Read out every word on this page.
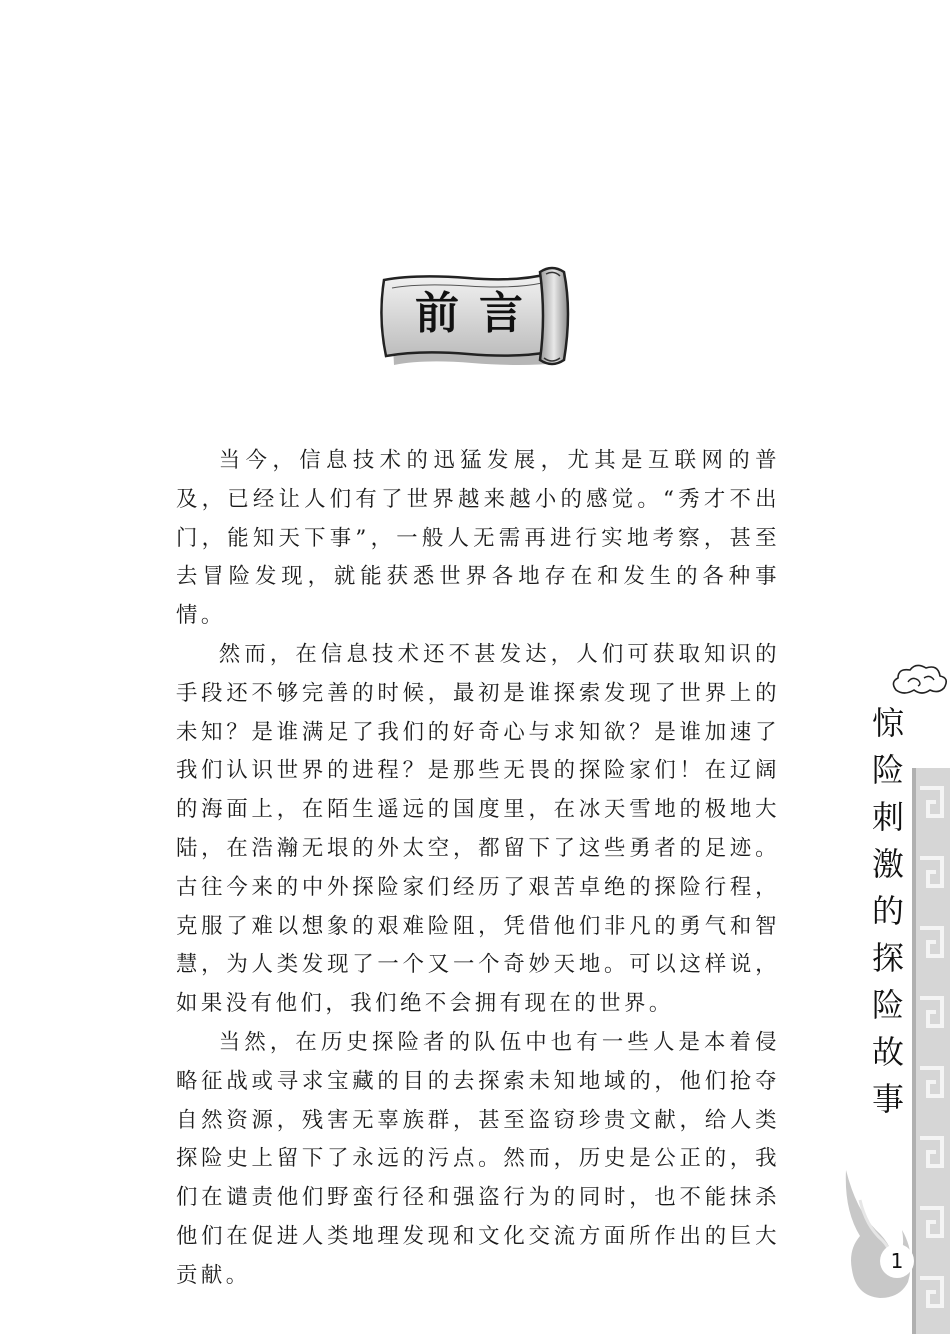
前言

当今，信息技术的迅猛发展，尤其是互联网的普及，已经让人们有了世界越来越小的感觉。“秀才不出门，能知天下事”，一般人无需再进行实地考察，甚至去冒险发现，就能获悉世界各地存在和发生的各种事情。

然而，在信息技术还不甚发达，人们可获取知识的手段还不够完善的时候，最初是谁探索发现了世界上的未知？是谁满足了我们的好奇心与求知欲？是谁加速了我们认识世界的进程？是那些无畏的探险家们！在辽阔的海面上，在陌生遥远的国度里，在冰天雪地的极地大陆，在浩瀚无垠的外太空，都留下了这些勇者的足迹。古往今来的中外探险家们经历了艰苦卓绝的探险行程，克服了难以想象的艰难险阻，凭借他们非凡的勇气和智慧，为人类发现了一个又一个奇妙天地。可以这样说，如果没有他们，我们绝不会拥有现在的世界。

当然，在历史探险者的队伍中也有一些人是本着侵略征战或寻求宝藏的目的去探索未知地域的，他们抢夺自然资源，残害无辜族群，甚至盗窃珍贵文献，给人类探险史上留下了永远的污点。然而，历史是公正的，我们在谴责他们野蛮行径和强盗行为的同时，也不能抹杀他们在促进人类地理发现和文化交流方面所作出的巨大贡献。

惊险刺激的探险故事
1
